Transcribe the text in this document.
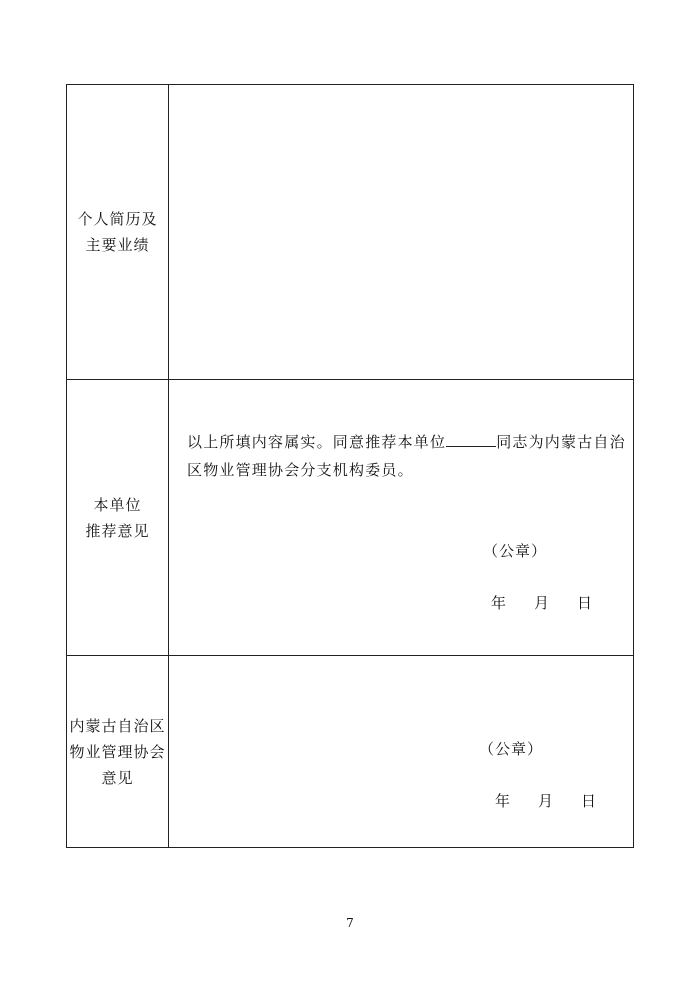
个人简历及
主要业绩
本单位
推荐意见

以上所填内容属实。同意推荐本单位	同志为内蒙古自治区物业管理协会分支机构委员。

（公章）
年 月 日
内蒙古自治区
物业管理协会
意见
（公章）
年 月 日
7
